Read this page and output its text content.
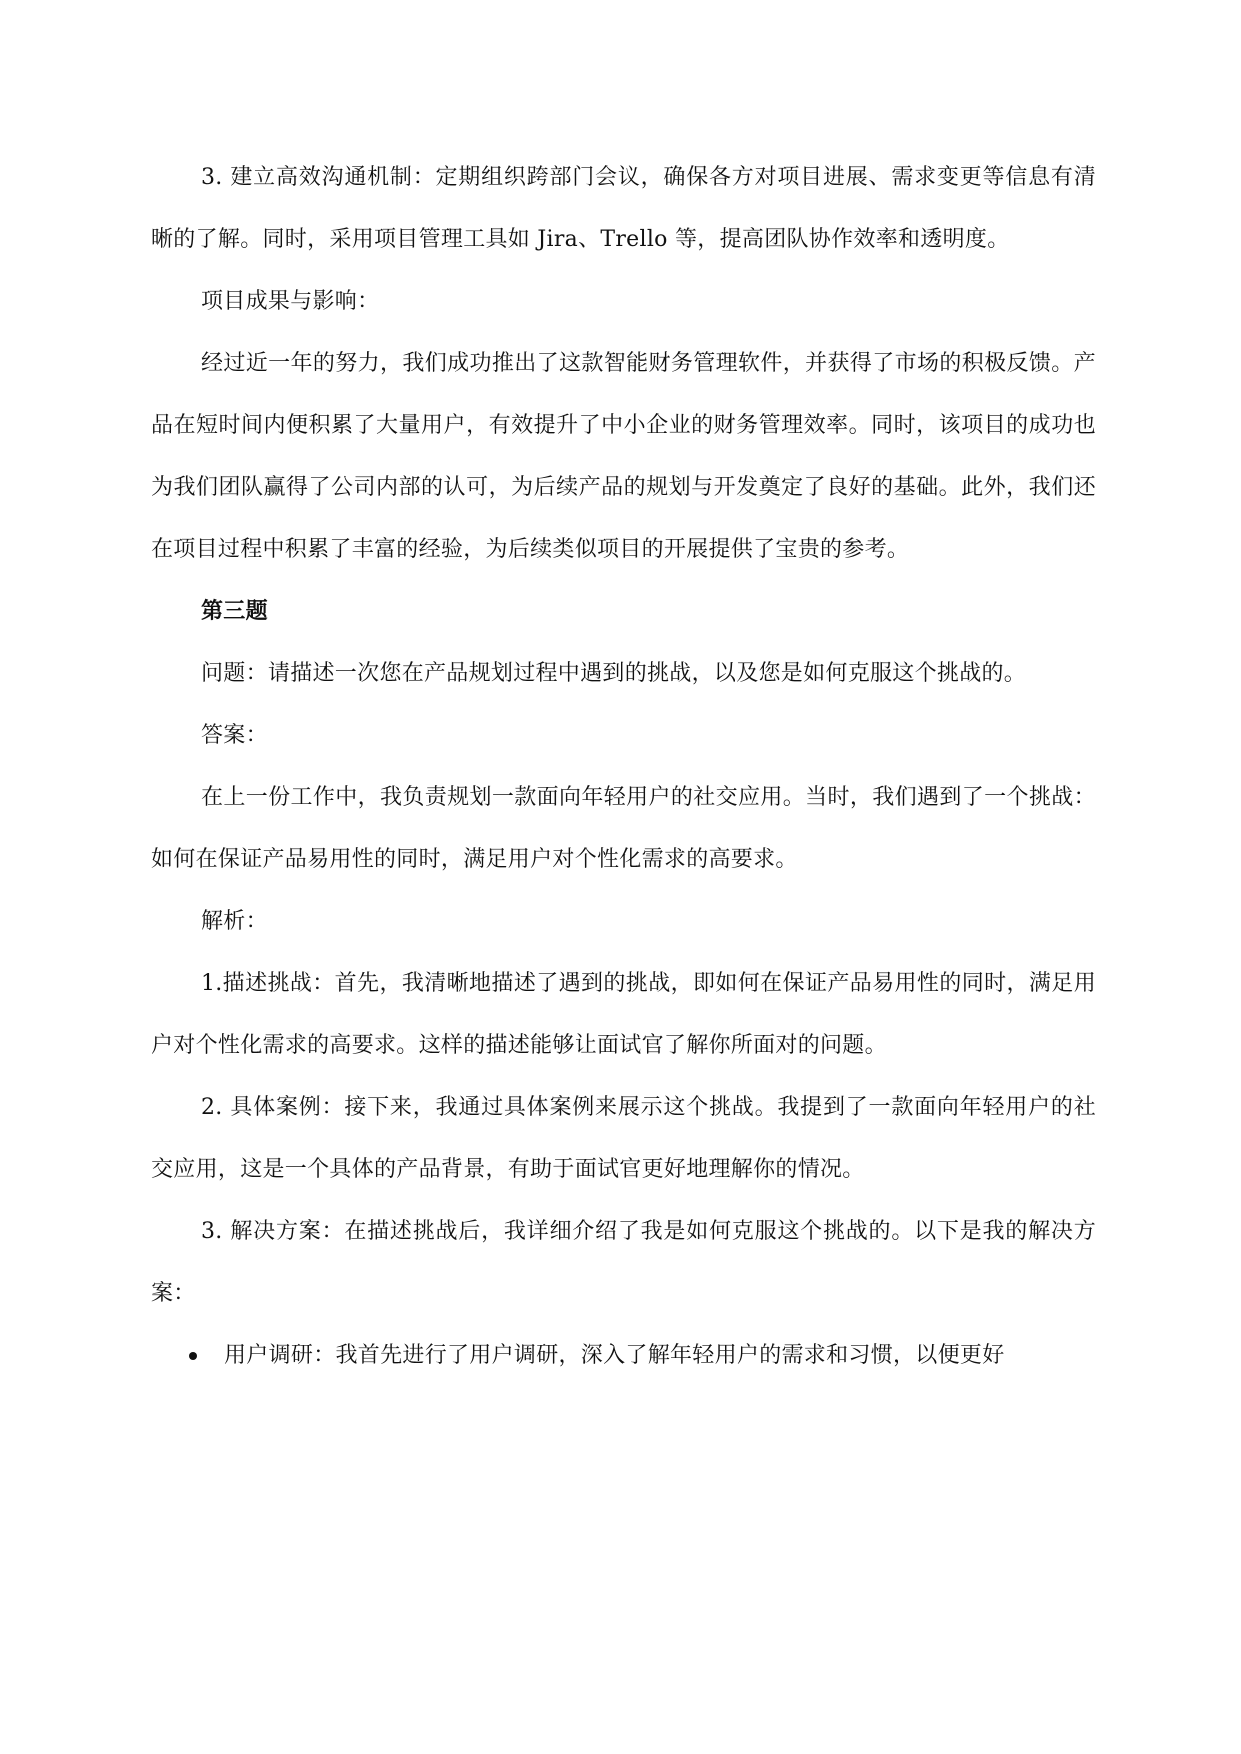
3. 建立高效沟通机制：定期组织跨部门会议，确保各方对项目进展、需求变更等信息有清晰的了解。同时，采用项目管理工具如 Jira、Trello 等，提高团队协作效率和透明度。

项目成果与影响：

经过近一年的努力，我们成功推出了这款智能财务管理软件，并获得了市场的积极反馈。产品在短时间内便积累了大量用户，有效提升了中小企业的财务管理效率。同时，该项目的成功也为我们团队赢得了公司内部的认可，为后续产品的规划与开发奠定了良好的基础。此外，我们还在项目过程中积累了丰富的经验，为后续类似项目的开展提供了宝贵的参考。

第三题

问题：请描述一次您在产品规划过程中遇到的挑战，以及您是如何克服这个挑战的。

答案：

在上一份工作中，我负责规划一款面向年轻用户的社交应用。当时，我们遇到了一个挑战：如何在保证产品易用性的同时，满足用户对个性化需求的高要求。

解析：

1.描述挑战：首先，我清晰地描述了遇到的挑战，即如何在保证产品易用性的同时，满足用户对个性化需求的高要求。这样的描述能够让面试官了解你所面对的问题。

2. 具体案例：接下来，我通过具体案例来展示这个挑战。我提到了一款面向年轻用户的社交应用，这是一个具体的产品背景，有助于面试官更好地理解你的情况。

3. 解决方案：在描述挑战后，我详细介绍了我是如何克服这个挑战的。以下是我的解决方案：

用户调研：我首先进行了用户调研，深入了解年轻用户的需求和习惯，以便更好
